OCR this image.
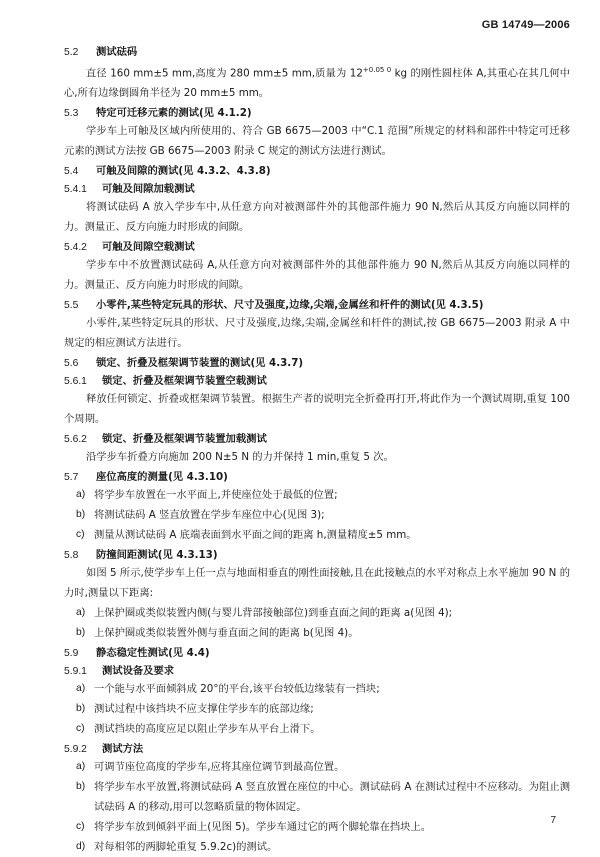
GB 14749—2006
5.2	测试砝码
直径 160 mm±5 mm,高度为 280 mm±5 mm,质量为 $12^{+0.05 0}$ kg 的刚性圆柱体 A,其重心在其几何中心,所有边缘倒圆角半径为 20 mm±5 mm。
5.3	特定可迁移元素的测试(见 4.1.2)
学步车上可触及区域内所使用的、符合 GB 6675—2003 中“C.1 范围”所规定的材料和部件中特定可迁移元素的测试方法按 GB 6675—2003 附录 C 规定的测试方法进行测试。
5.4	可触及间隙的测试(见 4.3.2、4.3.8)
5.4.1	可触及间隙加载测试
将测试砝码 A 放入学步车中,从任意方向对被测部件外的其他部件施力 90 N,然后从其反方向施以同样的力。测量正、反方向施力时形成的间隙。
5.4.2	可触及间隙空载测试
学步车中不放置测试砝码 A,从任意方向对被测部件外的其他部件施力 90 N,然后从其反方向施以同样的力。测量正、反方向施力时形成的间隙。
5.5	小零件,某些特定玩具的形状、尺寸及强度,边缘,尖端,金属丝和杆件的测试(见 4.3.5)
小零件,某些特定玩具的形状、尺寸及强度,边缘,尖端,金属丝和杆件的测试,按 GB 6675—2003 附录 A 中规定的相应测试方法进行。
5.6	锁定、折叠及框架调节装置的测试(见 4.3.7)
5.6.1	锁定、折叠及框架调节装置空载测试
释放任何锁定、折叠或框架调节装置。根据生产者的说明完全折叠再打开,将此作为一个测试周期,重复 100 个周期。
5.6.2	锁定、折叠及框架调节装置加载测试
沿学步车折叠方向施加 200 N±5 N 的力并保持 1 min,重复 5 次。
5.7	座位高度的测量(见 4.3.10)
a) 将学步车放置在一水平面上,并使座位处于最低的位置;
b) 将测试砝码 A 竖直放置在学步车座位中心(见图 3);
c) 测量从测试砝码 A 底端表面到水平面之间的距离 h,测量精度±5 mm。
5.8	防撞间距测试(见 4.3.13)
如图 5 所示,使学步车上任一点与地面相垂直的刚性面接触,且在此接触点的水平对称点上水平施加 90 N 的力时,测量以下距离:
a) 上保护圈或类似装置内侧(与婴儿背部接触部位)到垂直面之间的距离 a(见图 4);
b) 上保护圈或类似装置外侧与垂直面之间的距离 b(见图 4)。
5.9	静态稳定性测试(见 4.4)
5.9.1	测试设备及要求
a) 一个能与水平面倾斜成 20°的平台,该平台较低边缘装有一挡块;
b) 测试过程中该挡块不应支撑住学步车的底部边缘;
c) 测试挡块的高度应足以阻止学步车从平台上滑下。
5.9.2	测试方法
a) 可调节座位高度的学步车,应将其座位调节到最高位置。
b) 将学步车水平放置,将测试砝码 A 竖直放置在座位的中心。测试砝码 A 在测试过程中不应移动。为阻止测试砝码 A 的移动,用可以忽略质量的物体固定。
c) 将学步车放到倾斜平面上(见图 5)。学步车通过它的两个脚轮靠在挡块上。
d) 对每相邻的两脚轮重复 5.9.2c)的测试。
7
